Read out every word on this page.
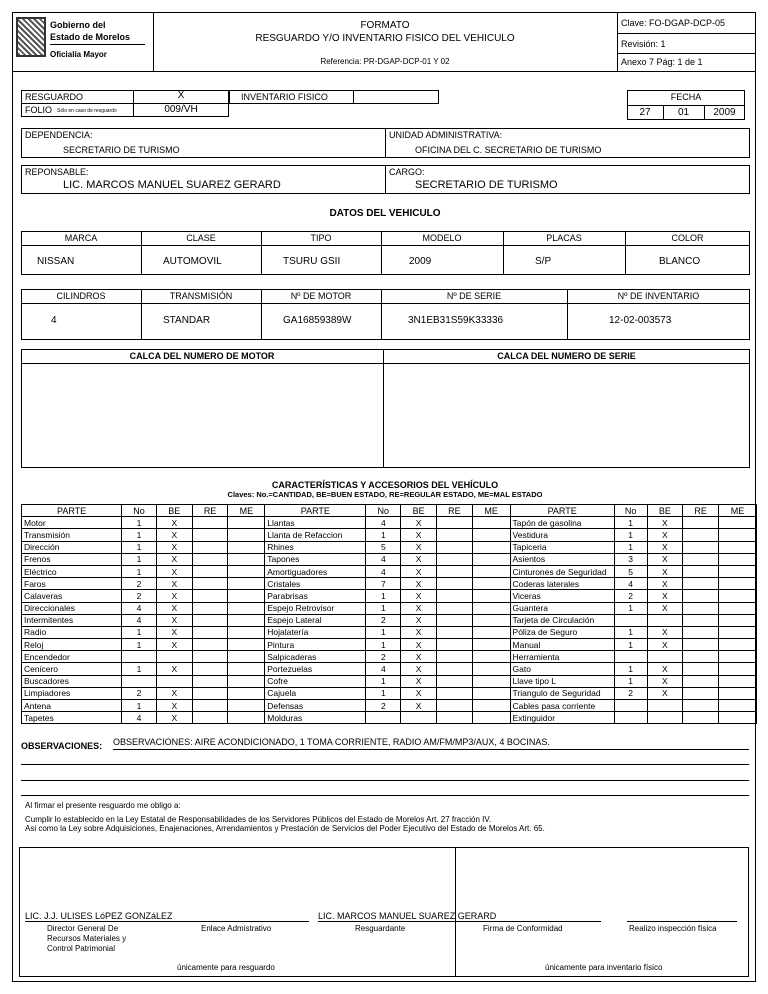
Gobierno del
Estado de Morelos
Oficialía Mayor
FORMATO
RESGUARDO Y/O INVENTARIO FISICO DEL VEHICULO
Referencia: PR-DGAP-DCP-01 Y 02
Clave: FO-DGAP-DCP-05
Revisión: 1
Anexo 7 Pág: 1 de 1
RESGUARDO	X	INVENTARIO FISICO
FOLIO Sólo en caso de resguardo	009/VH
FECHA
27	01	2009
DEPENDENCIA:
SECRETARIO DE TURISMO
UNIDAD ADMINISTRATIVA:
OFICINA DEL C. SECRETARIO DE TURISMO
REPONSABLE:
LIC. MARCOS MANUEL SUAREZ GERARD
CARGO:
SECRETARIO DE TURISMO
DATOS DEL VEHICULO
MARCA	CLASE	TIPO	MODELO	PLACAS	COLOR
NISSAN	AUTOMOVIL	TSURU GSII	2009	S/P	BLANCO
CILINDROS	TRANSMISIÓN	Nº DE MOTOR	Nº DE SERIE	Nº DE INVENTARIO
4	STANDAR	GA16859389W	3N1EB31S59K33336	12-02-003573
CALCA DEL NUMERO DE MOTOR	CALCA DEL NUMERO DE SERIE
CARACTERÍSTICAS Y ACCESORIOS DEL VEHÍCULO
Claves: No.=CANTIDAD, BE=BUEN ESTADO, RE=REGULAR ESTADO, ME=MAL ESTADO
PARTE	No	BE	RE	ME	PARTE	No	BE	RE	ME	PARTE	No	BE	RE	ME
Motor	1	X			Llantas	4	X			Tapón de gasolina	1	X		
Transmisión	1	X			Llanta de Refaccion	1	X			Vestidura	1	X		
Dirección	1	X			Rhines	5	X			Tapiceria	1	X		
Frenos	1	X			Tapones	4	X			Asientos	3	X		
Eléctrico	1	X			Amortiguadores	4	X			Cinturones de Seguridad	5	X		
Faros	2	X			Cristales	7	X			Coderas laterales	4	X		
Calaveras	2	X			Parabrisas	1	X			Viceras	2	X		
Direccionales	4	X			Espejo Retrovisor	1	X			Guantera	1	X		
Intermitentes	4	X			Espejo Lateral	2	X			Tarjeta de Circulación				
Radio	1	X			Hojalatería	1	X			Póliza de Seguro	1	X		
Reloj	1	X			Pintura	1	X			Manual	1	X		
Encendedor					Salpicaderas	2	X			Herramienta				
Cenicero	1	X			Portezuelas	4	X			Gato	1	X		
Buscadores					Cofre	1	X			Llave tipo L	1	X		
Limpiadores	2	X			Cajuela	1	X			Triangulo de Seguridad	2	X		
Antena	1	X			Defensas	2	X			Cables pasa corriente				
Tapetes	4	X			Molduras					Extinguidor				
OBSERVACIONES: OBSERVACIONES: AIRE ACONDICIONADO, 1 TOMA CORRIENTE, RADIO AM/FM/MP3/AUX, 4 BOCINAS.
Al firmar el presente resguardo me obligo a:
Cumplir lo establecido en la Ley Estatal de Responsabilidades de los Servidores Públicos del Estado de Morelos Art. 27 fracción IV.
Asi como la Ley sobre Adquisiciones, Enajenaciones, Arrendamientos y Prestación de Servicios del Poder Ejecutivo del Estado de Morelos Art. 65.
LIC. J.J. ULISES LóPEZ GONZáLEZ
Director General De
Recursos Materiales y
Control Patrimonial
Enlace Admistrativo
LIC. MARCOS MANUEL SUAREZ GERARD
Resguardante	Firma de Conformidad	Realizo inspección física
únicamente para resguardo	únicamente para inventario físico
